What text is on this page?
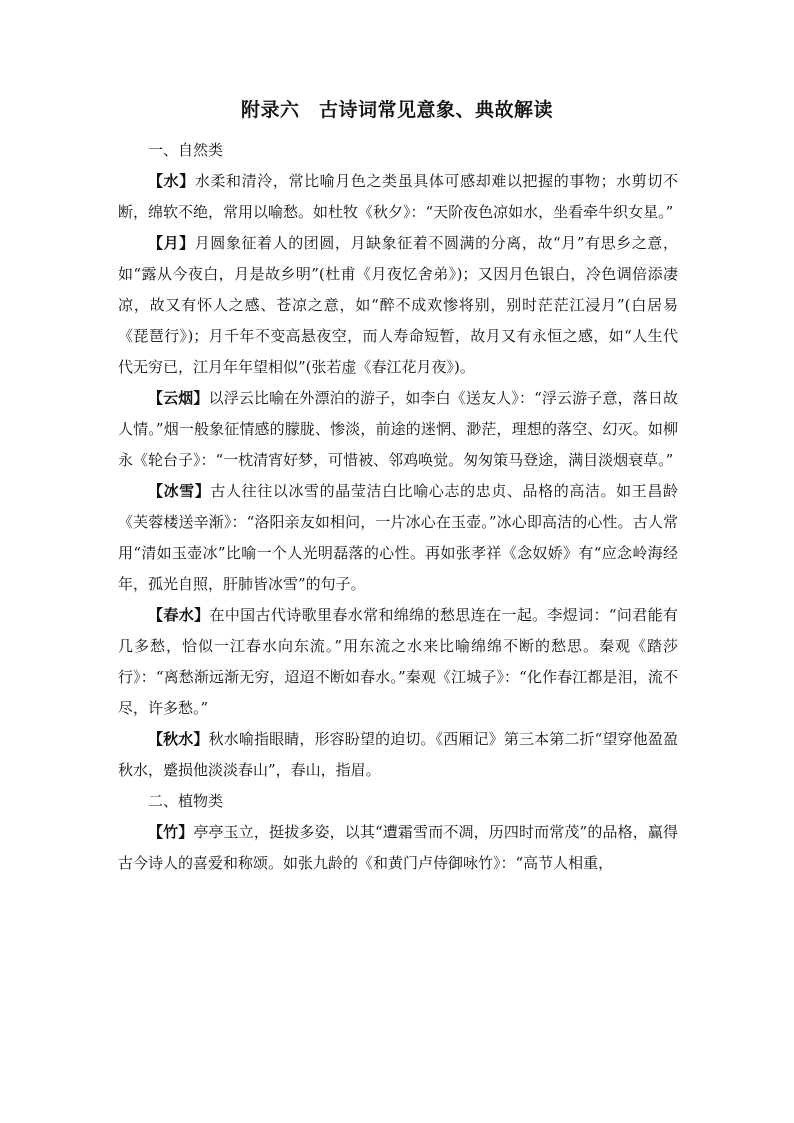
附录六　古诗词常见意象、典故解读

一、自然类

【水】水柔和清泠，常比喻月色之类虽具体可感却难以把握的事物；水剪切不断，绵软不绝，常用以喻愁。如杜牧《秋夕》：“天阶夜色凉如水，坐看牵牛织女星。”

【月】月圆象征着人的团圆，月缺象征着不圆满的分离，故“月”有思乡之意，如“露从今夜白，月是故乡明”(杜甫《月夜忆舍弟》)；又因月色银白，冷色调倍添凄凉，故又有怀人之感、苍凉之意，如“醉不成欢惨将别，别时茫茫江浸月”(白居易《琵琶行》)；月千年不变高悬夜空，而人寿命短暂，故月又有永恒之感，如“人生代代无穷已，江月年年望相似”(张若虚《春江花月夜》)。

【云烟】以浮云比喻在外漂泊的游子，如李白《送友人》：“浮云游子意，落日故人情。”烟一般象征情感的朦胧、惨淡，前途的迷惘、渺茫，理想的落空、幻灭。如柳永《轮台子》：“一枕清宵好梦，可惜被、邻鸡唤觉。匆匆策马登途，满目淡烟衰草。”

【冰雪】古人往往以冰雪的晶莹洁白比喻心志的忠贞、品格的高洁。如王昌龄《芙蓉楼送辛渐》：“洛阳亲友如相问，一片冰心在玉壶。”冰心即高洁的心性。古人常用“清如玉壶冰”比喻一个人光明磊落的心性。再如张孝祥《念奴娇》有“应念岭海经年，孤光自照，肝肺皆冰雪”的句子。

【春水】在中国古代诗歌里春水常和绵绵的愁思连在一起。李煜词：“问君能有几多愁，恰似一江春水向东流。”用东流之水来比喻绵绵不断的愁思。秦观《踏莎行》：“离愁渐远渐无穷，迢迢不断如春水。”秦观《江城子》：“化作春江都是泪，流不尽，许多愁。”

【秋水】秋水喻指眼睛，形容盼望的迫切。《西厢记》第三本第二折“望穿他盈盈秋水，蹙损他淡淡春山”，春山，指眉。

二、植物类

【竹】亭亭玉立，挺拔多姿，以其“遭霜雪而不凋，历四时而常茂”的品格，赢得古今诗人的喜爱和称颂。如张九龄的《和黄门卢侍御咏竹》：“高节人相重，
